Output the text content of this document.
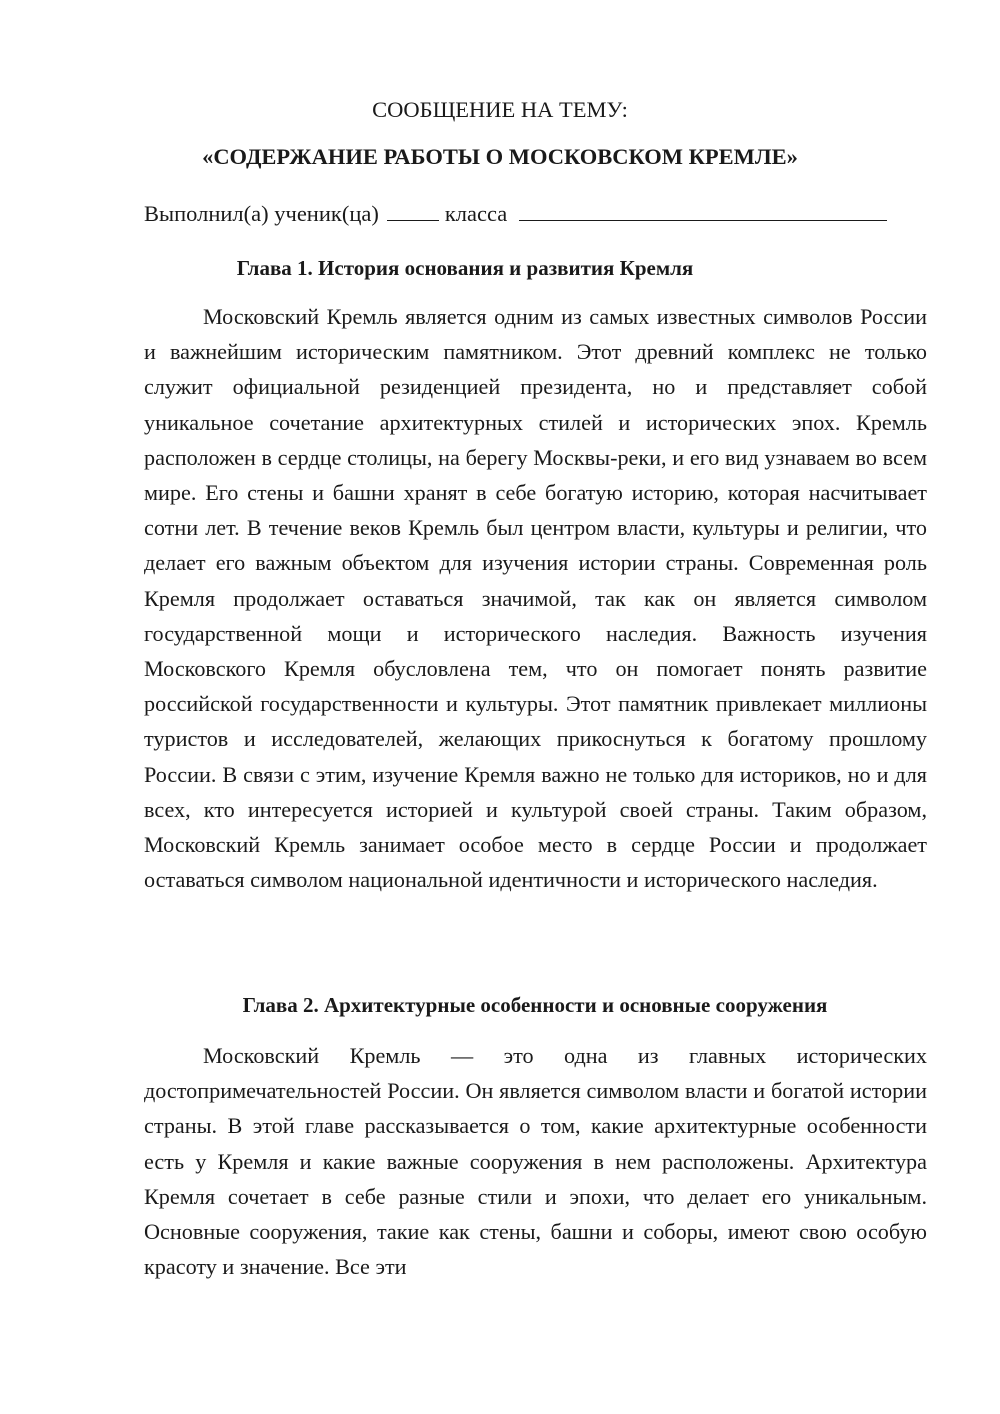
СООБЩЕНИЕ НА ТЕМУ:
«СОДЕРЖАНИЕ РАБОТЫ О МОСКОВСКОМ КРЕМЛЕ»
Выполнил(а) ученик(ца)	класса
Глава 1. История основания и развития Кремля

Московский Кремль является одним из самых известных символов России и важнейшим историческим памятником. Этот древний комплекс не только служит официальной резиденцией президента, но и представляет собой уникальное сочетание архитектурных стилей и исторических эпох. Кремль расположен в сердце столицы, на берегу Москвы-реки, и его вид узнаваем во всем мире. Его стены и башни хранят в себе богатую историю, которая насчитывает сотни лет. В течение веков Кремль был центром власти, культуры и религии, что делает его важным объектом для изучения истории страны. Современная роль Кремля продолжает оставаться значимой, так как он является символом государственной мощи и исторического наследия. Важность изучения Московского Кремля обусловлена тем, что он помогает понять развитие российской государственности и культуры. Этот памятник привлекает миллионы туристов и исследователей, желающих прикоснуться к богатому прошлому России. В связи с этим, изучение Кремля важно не только для историков, но и для всех, кто интересуется историей и культурой своей страны. Таким образом, Московский Кремль занимает особое место в сердце России и продолжает оставаться символом национальной идентичности и исторического наследия.

Глава 2. Архитектурные особенности и основные сооружения

Московский Кремль — это одна из главных исторических достопримечательностей России. Он является символом власти и богатой истории страны. В этой главе рассказывается о том, какие архитектурные особенности есть у Кремля и какие важные сооружения в нем расположены. Архитектура Кремля сочетает в себе разные стили и эпохи, что делает его уникальным. Основные сооружения, такие как стены, башни и соборы, имеют свою особую красоту и значение. Все эти
